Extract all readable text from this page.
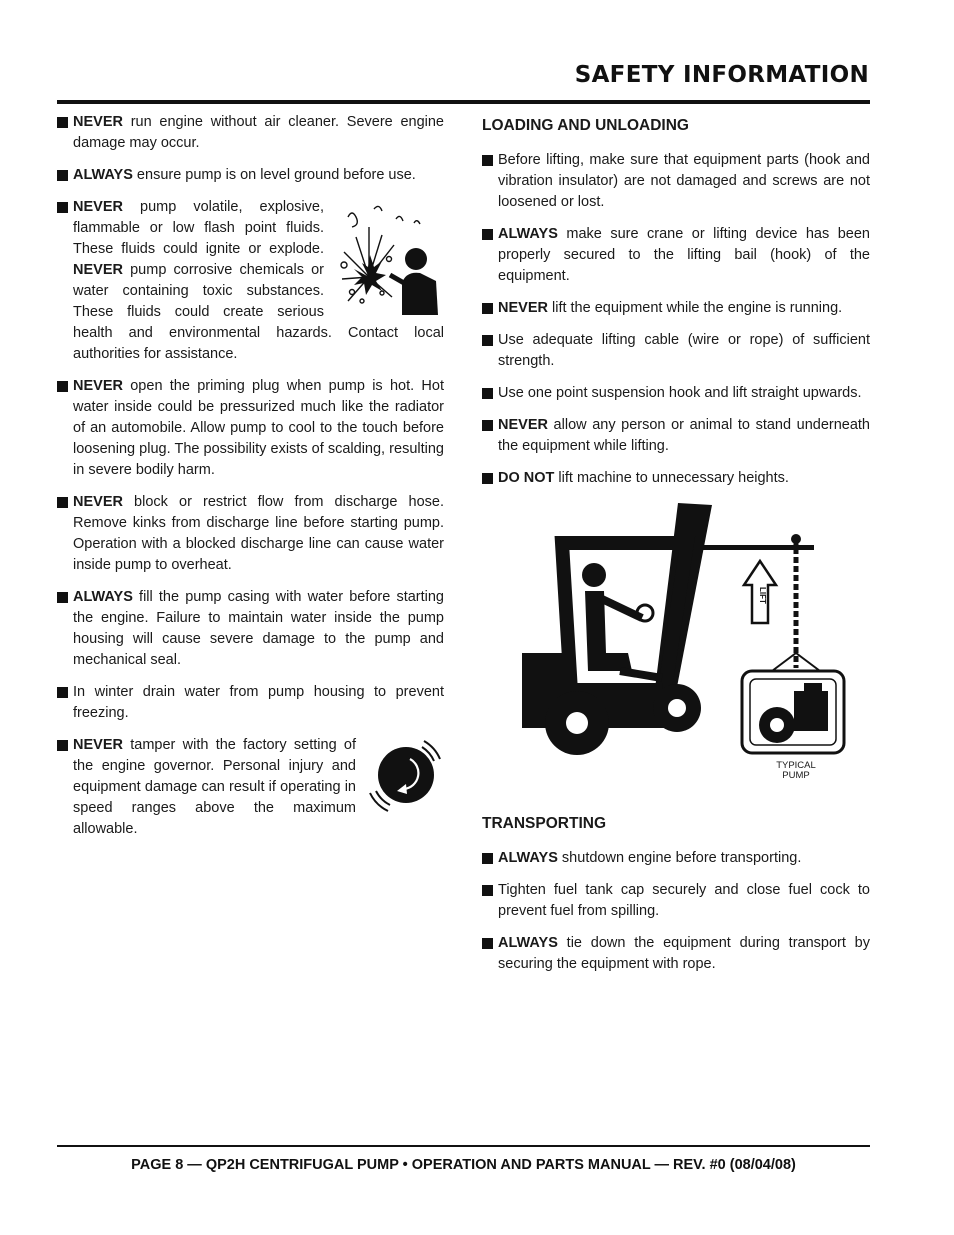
SAFETY INFORMATION
NEVER run engine without air cleaner. Severe engine damage may occur.
ALWAYS ensure pump is on level ground before use.
NEVER pump volatile, explosive, flammable or low flash point fluids. These fluids could ignite or explode. NEVER pump corrosive chemicals or water containing toxic substances. These fluids could create serious health and environmental hazards. Contact local authorities for assistance.
NEVER open the priming plug when pump is hot. Hot water inside could be pressurized much like the radiator of an automobile. Allow pump to cool to the touch before loosening plug. The possibility exists of scalding, resulting in severe bodily harm.
NEVER block or restrict flow from discharge hose. Remove kinks from discharge line before starting pump. Operation with a blocked discharge line can cause water inside pump to overheat.
ALWAYS fill the pump casing with water before starting the engine. Failure to maintain water inside the pump housing will cause severe damage to the pump and mechanical seal.
In winter drain water from pump housing to prevent freezing.
NEVER tamper with the factory setting of the engine governor. Personal injury and equipment damage can result if operating in speed ranges above the maximum allowable.
LOADING AND UNLOADING
Before lifting, make sure that equipment parts (hook and vibration insulator) are not damaged and screws are not loosened or lost.
ALWAYS make sure crane or lifting device has been properly secured to the lifting bail (hook) of the equipment.
NEVER lift the equipment while the engine is running.
Use adequate lifting cable (wire or rope) of sufficient strength.
Use one point suspension hook and lift straight upwards.
NEVER allow any person or animal to stand underneath the equipment while lifting.
DO NOT lift machine to unnecessary heights.
LIFT
TYPICAL
PUMP
TRANSPORTING
ALWAYS shutdown engine before transporting.
Tighten fuel tank cap securely and close fuel cock to prevent fuel from spilling.
ALWAYS tie down the equipment during transport by securing the equipment with rope.
PAGE 8 — QP2H CENTRIFUGAL PUMP • OPERATION AND PARTS MANUAL — REV. #0 (08/04/08)
